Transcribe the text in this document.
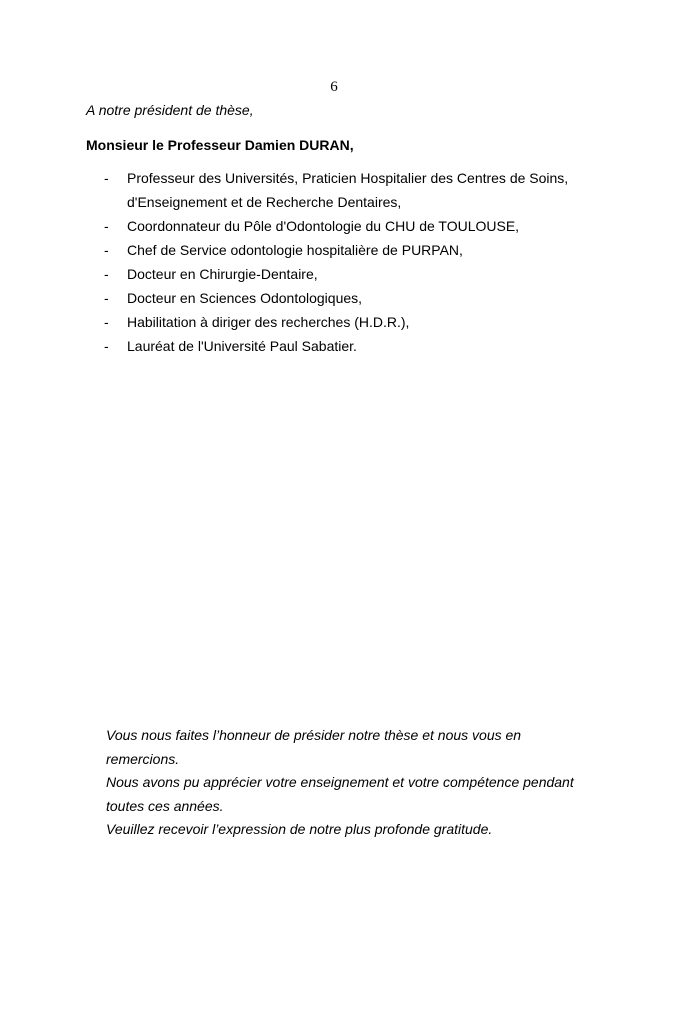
6
A notre président de thèse,
Monsieur le Professeur Damien DURAN,
- Professeur des Universités, Praticien Hospitalier des Centres de Soins,
d'Enseignement et de Recherche Dentaires,
- Coordonnateur du Pôle d'Odontologie du CHU de TOULOUSE,
- Chef de Service odontologie hospitalière de PURPAN,
- Docteur en Chirurgie-Dentaire,
- Docteur en Sciences Odontologiques,
- Habilitation à diriger des recherches (H.D.R.),
- Lauréat de l'Université Paul Sabatier.

Vous nous faites l’honneur de présider notre thèse et nous vous en

remercions.

Nous avons pu apprécier votre enseignement et votre compétence pendant

toutes ces années.

Veuillez recevoir l’expression de notre plus profonde gratitude.
